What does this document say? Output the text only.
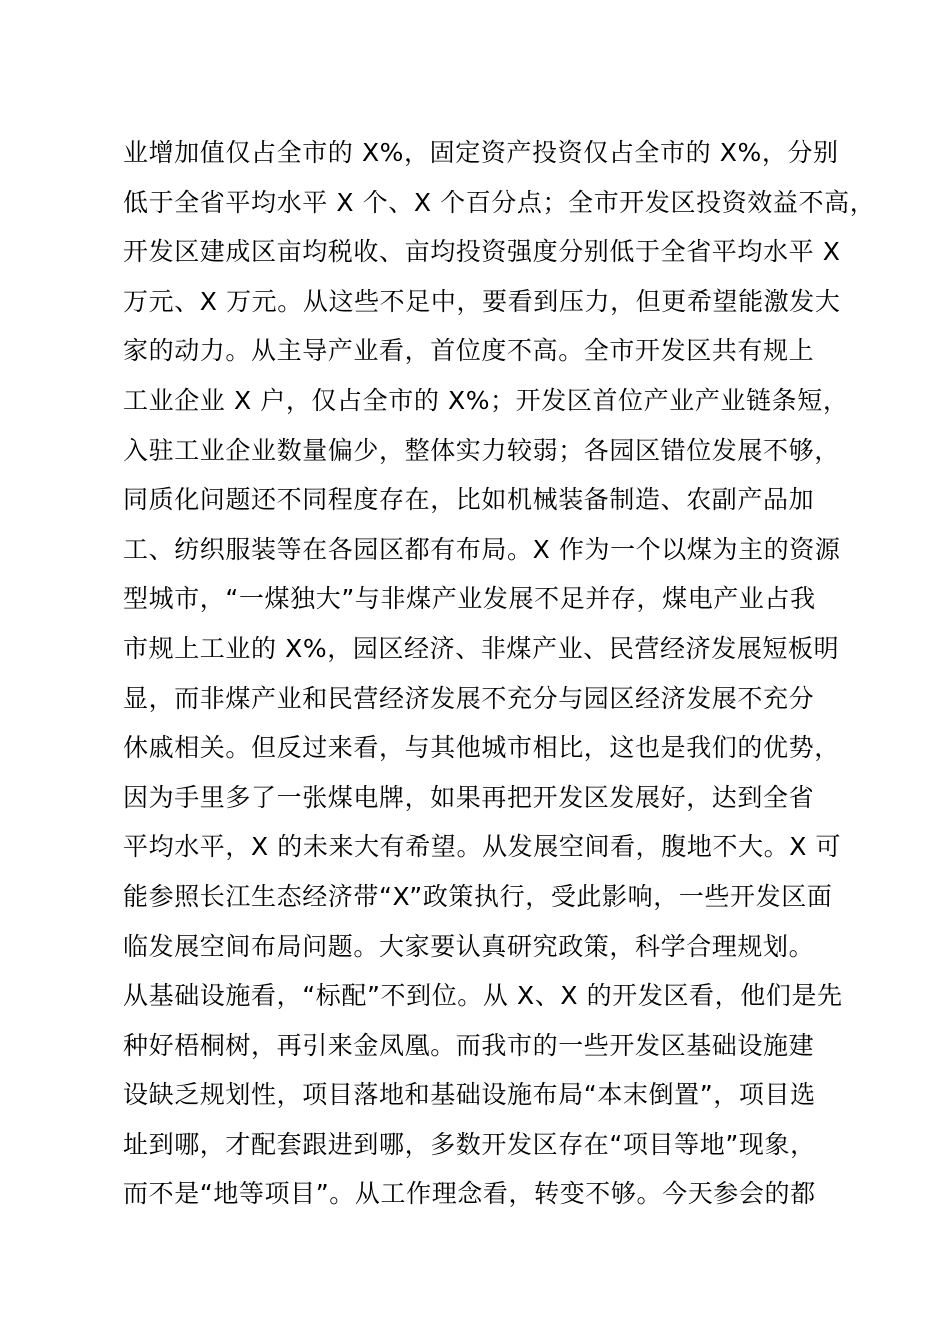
业增加值仅占全市的 X%，固定资产投资仅占全市的 X%，分别
低于全省平均水平 X 个、X 个百分点；全市开发区投资效益不高，
开发区建成区亩均税收、亩均投资强度分别低于全省平均水平 X
万元、X 万元。从这些不足中，要看到压力，但更希望能激发大
家的动力。从主导产业看，首位度不高。全市开发区共有规上
工业企业 X 户，仅占全市的 X%；开发区首位产业产业链条短，
入驻工业企业数量偏少，整体实力较弱；各园区错位发展不够，
同质化问题还不同程度存在，比如机械装备制造、农副产品加
工、纺织服装等在各园区都有布局。X 作为一个以煤为主的资源
型城市，“一煤独大”与非煤产业发展不足并存，煤电产业占我
市规上工业的 X%，园区经济、非煤产业、民营经济发展短板明
显，而非煤产业和民营经济发展不充分与园区经济发展不充分
休戚相关。但反过来看，与其他城市相比，这也是我们的优势，
因为手里多了一张煤电牌，如果再把开发区发展好，达到全省
平均水平，X 的未来大有希望。从发展空间看，腹地不大。X 可
能参照长江生态经济带“X”政策执行，受此影响，一些开发区面
临发展空间布局问题。大家要认真研究政策，科学合理规划。
从基础设施看，“标配”不到位。从 X、X 的开发区看，他们是先
种好梧桐树，再引来金凤凰。而我市的一些开发区基础设施建
设缺乏规划性，项目落地和基础设施布局“本末倒置”，项目选
址到哪，才配套跟进到哪，多数开发区存在“项目等地”现象，
而不是“地等项目”。从工作理念看，转变不够。今天参会的都
